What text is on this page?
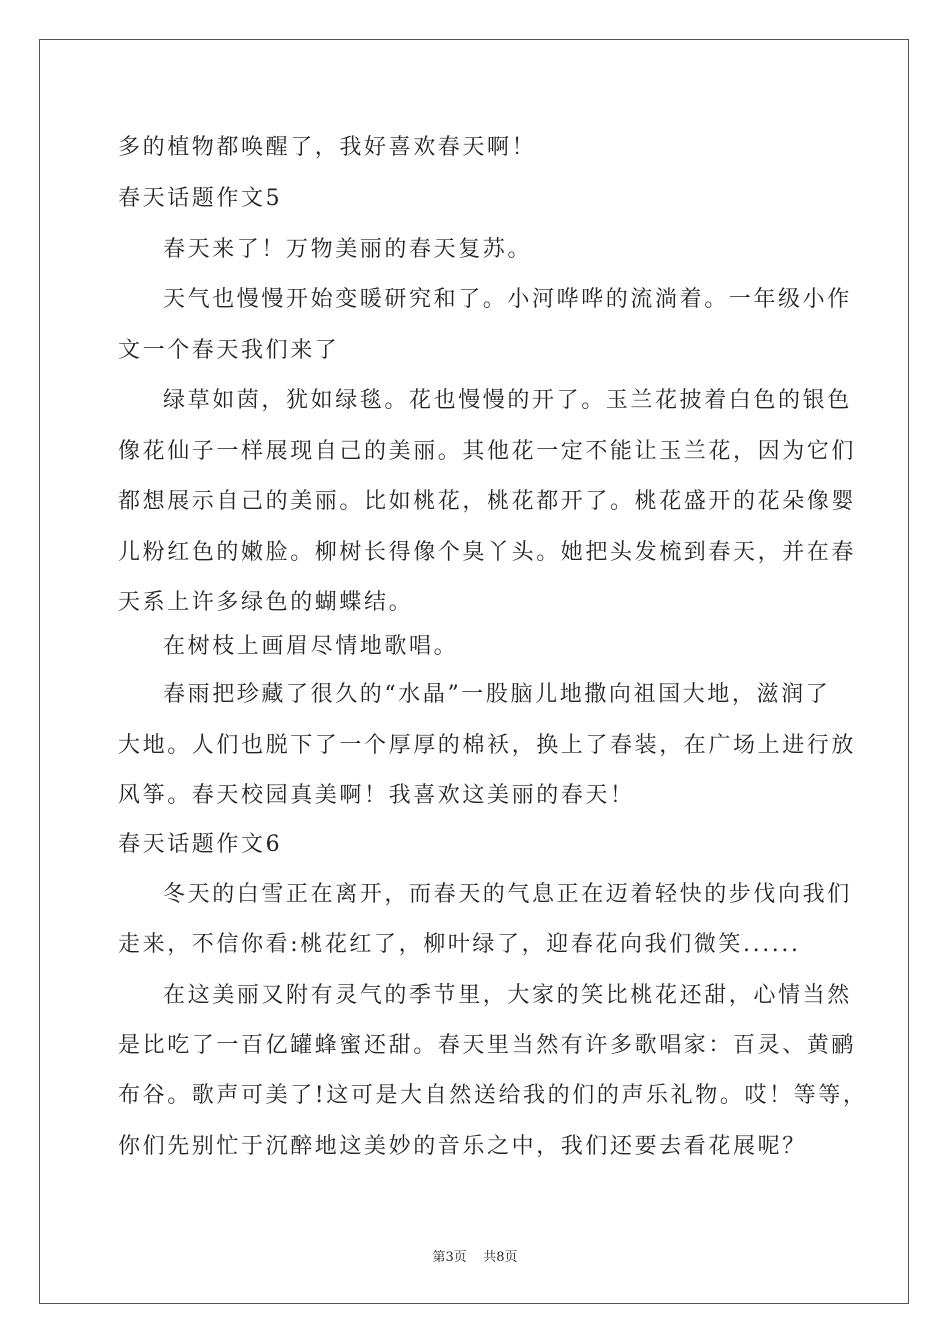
多的植物都唤醒了，我好喜欢春天啊！
春天话题作文5
春天来了！万物美丽的春天复苏。
天气也慢慢开始变暖研究和了。小河哗哗的流淌着。一年级小作
文一个春天我们来了
绿草如茵，犹如绿毯。花也慢慢的开了。玉兰花披着白色的银色
像花仙子一样展现自己的美丽。其他花一定不能让玉兰花，因为它们
都想展示自己的美丽。比如桃花，桃花都开了。桃花盛开的花朵像婴
儿粉红色的嫩脸。柳树长得像个臭丫头。她把头发梳到春天，并在春
天系上许多绿色的蝴蝶结。
在树枝上画眉尽情地歌唱。
春雨把珍藏了很久的“水晶”一股脑儿地撒向祖国大地，滋润了
大地。人们也脱下了一个厚厚的棉袄，换上了春装，在广场上进行放
风筝。春天校园真美啊！我喜欢这美丽的春天！
春天话题作文6
冬天的白雪正在离开，而春天的气息正在迈着轻快的步伐向我们
走来，不信你看:桃花红了，柳叶绿了，迎春花向我们微笑......
在这美丽又附有灵气的季节里，大家的笑比桃花还甜，心情当然
是比吃了一百亿罐蜂蜜还甜。春天里当然有许多歌唱家：百灵、黄鹂
布谷。歌声可美了!这可是大自然送给我的们的声乐礼物。哎！等等，
你们先别忙于沉醉地这美妙的音乐之中，我们还要去看花展呢？
第3页    共8页
